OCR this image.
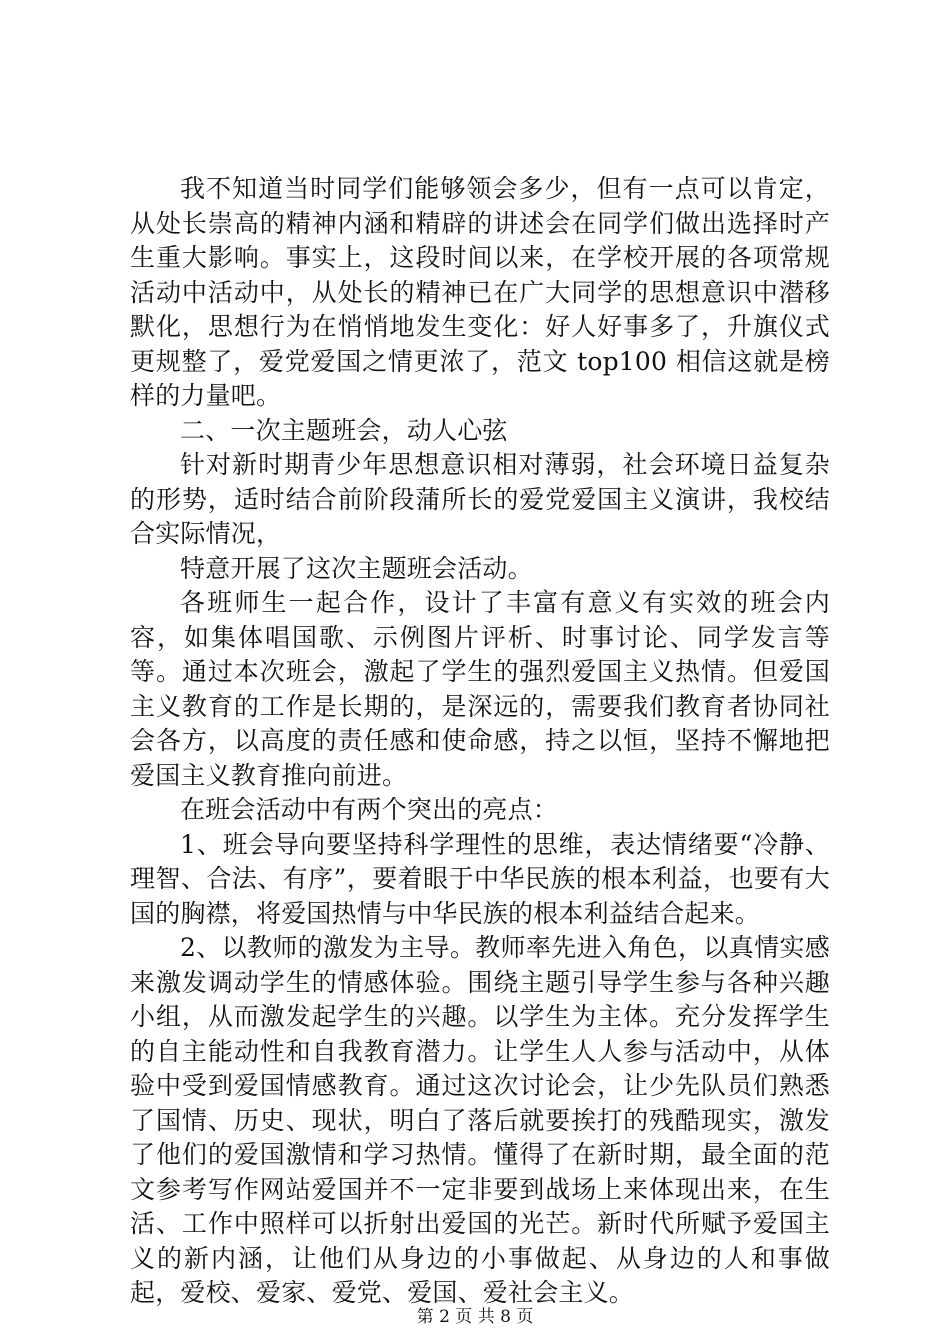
我不知道当时同学们能够领会多少，但有一点可以肯定，从处长崇高的精神内涵和精辟的讲述会在同学们做出选择时产生重大影响。事实上，这段时间以来，在学校开展的各项常规活动中活动中，从处长的精神已在广大同学的思想意识中潜移默化，思想行为在悄悄地发生变化：好人好事多了，升旗仪式更规整了，爱党爱国之情更浓了，范文 top100 相信这就是榜样的力量吧。

二、一次主题班会，动人心弦

针对新时期青少年思想意识相对薄弱，社会环境日益复杂的形势，适时结合前阶段蒲所长的爱党爱国主义演讲，我校结合实际情况，

特意开展了这次主题班会活动。

各班师生一起合作，设计了丰富有意义有实效的班会内容，如集体唱国歌、示例图片评析、时事讨论、同学发言等等。通过本次班会，激起了学生的强烈爱国主义热情。但爱国主义教育的工作是长期的，是深远的，需要我们教育者协同社会各方，以高度的责任感和使命感，持之以恒，坚持不懈地把爱国主义教育推向前进。

在班会活动中有两个突出的亮点：

1、班会导向要坚持科学理性的思维，表达情绪要“冷静、理智、合法、有序”，要着眼于中华民族的根本利益，也要有大国的胸襟，将爱国热情与中华民族的根本利益结合起来。

2、以教师的激发为主导。教师率先进入角色，以真情实感来激发调动学生的情感体验。围绕主题引导学生参与各种兴趣小组，从而激发起学生的兴趣。以学生为主体。充分发挥学生的自主能动性和自我教育潜力。让学生人人参与活动中，从体验中受到爱国情感教育。通过这次讨论会，让少先队员们熟悉了国情、历史、现状，明白了落后就要挨打的残酷现实，激发了他们的爱国激情和学习热情。懂得了在新时期，最全面的范文参考写作网站爱国并不一定非要到战场上来体现出来，在生活、工作中照样可以折射出爱国的光芒。新时代所赋予爱国主义的新内涵，让他们从身边的小事做起、从身边的人和事做起，爱校、爱家、爱党、爱国、爱社会主义。

第 2 页 共 8 页
